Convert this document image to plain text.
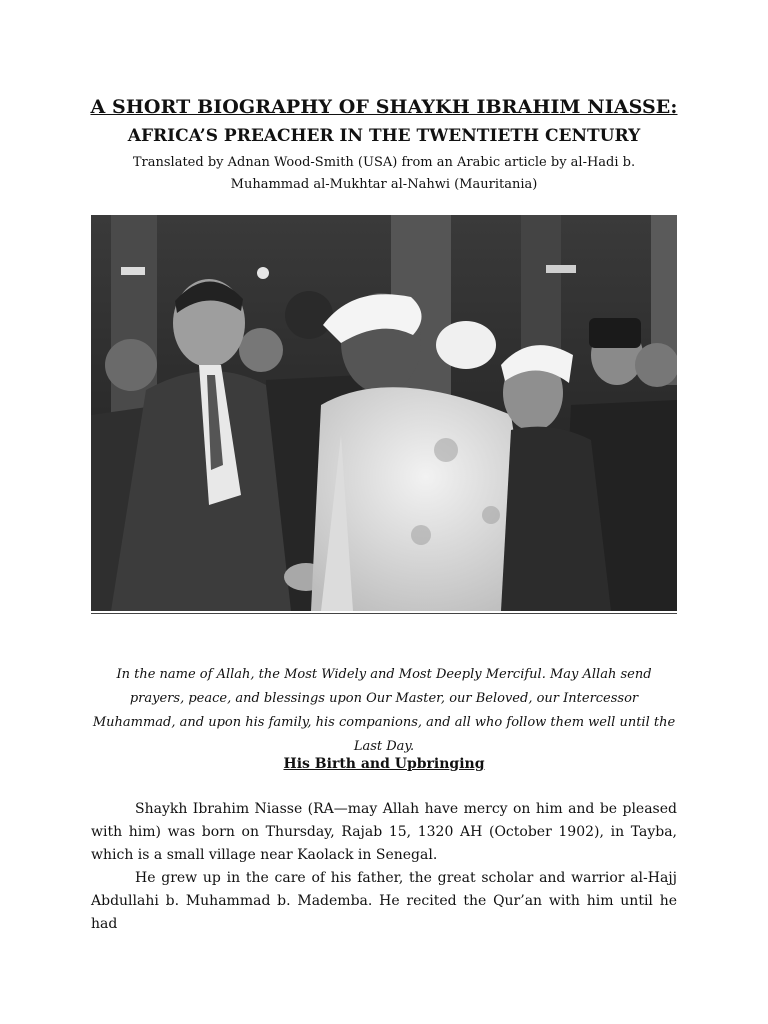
A SHORT BIOGRAPHY OF SHAYKH IBRAHIM NIASSE:
AFRICA’S PREACHER IN THE TWENTIETH CENTURY
Translated by Adnan Wood-Smith (USA) from an Arabic article by al-Hadi b. Muhammad al-Mukhtar al-Nahwi (Mauritania)
In the name of Allah, the Most Widely and Most Deeply Merciful. May Allah send prayers, peace, and blessings upon Our Master, our Beloved, our Intercessor Muhammad, and upon his family, his companions, and all who follow them well until the Last Day.
His Birth and Upbringing

Shaykh Ibrahim Niasse (RA—may Allah have mercy on him and be pleased with him) was born on Thursday, Rajab 15, 1320 AH (October 1902), in Tayba, which is a small village near Kaolack in Senegal.

He grew up in the care of his father, the great scholar and warrior al-Hajj Abdullahi b. Muhammad b. Mademba. He recited the Qur’an with him until he had
